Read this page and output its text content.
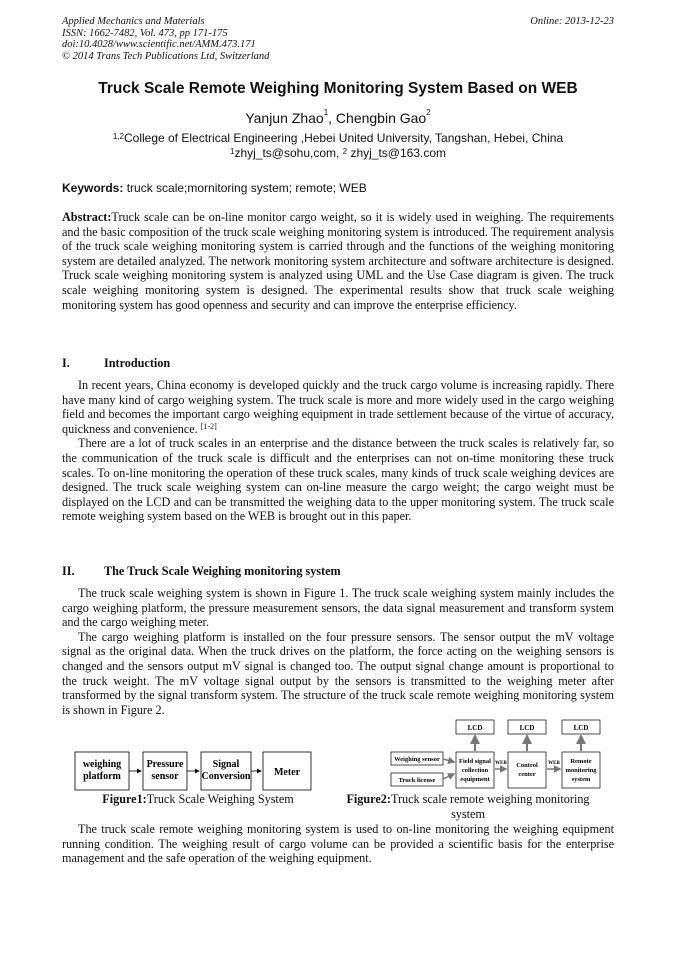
Applied Mechanics and Materials
ISSN: 1662-7482, Vol. 473, pp 171-175
doi:10.4028/www.scientific.net/AMM.473.171
© 2014 Trans Tech Publications Ltd, Switzerland
Online: 2013-12-23
Truck Scale Remote Weighing Monitoring System Based on WEB
Yanjun Zhao$^1$, Chengbin Gao$^2$
$^{1,2}$College of Electrical Engineering ,Hebei United University, Tangshan, Hebei, China
$^1$zhyj_ts@sohu,com, $^2$ zhyj_ts@163.com
Keywords: truck scale;mornitoring system; remote; WEB

Abstract:Truck scale can be on-line monitor cargo weight, so it is widely used in weighing. The requirements and the basic composition of the truck scale weighing monitoring system is introduced. The requirement analysis of the truck scale weighing monitoring system is carried through and the functions of the weighing monitoring system are detailed analyzed. The network monitoring system architecture and software architecture is designed. Truck scale weighing monitoring system is analyzed using UML and the Use Case diagram is given. The truck scale weighing monitoring system is designed. The experimental results show that truck scale weighing monitoring system has good openness and security and can improve the enterprise efficiency.

I.	Introduction

In recent years, China economy is developed quickly and the truck cargo volume is increasing rapidly. There have many kind of cargo weighing system. The truck scale is more and more widely used in the cargo weighing field and becomes the important cargo weighing equipment in trade settlement because of the virtue of accuracy, quickness and convenience. [1-2]

There are a lot of truck scales in an enterprise and the distance between the truck scales is relatively far, so the communication of the truck scale is difficult and the enterprises can not on-time monitoring these truck scales. To on-line monitoring the operation of these truck scales, many kinds of truck scale weighing devices are designed. The truck scale weighing system can on-line measure the cargo weight; the cargo weight must be displayed on the LCD and can be transmitted the weighing data to the upper monitoring system. The truck scale remote weighing system based on the WEB is brought out in this paper.

II. The Truck Scale Weighing monitoring system

The truck scale weighing system is shown in Figure 1. The truck scale weighing system mainly includes the cargo weighing platform, the pressure measurement sensors, the data signal measurement and transform system and the cargo weighing meter.

The cargo weighing platform is installed on the four pressure sensors. The sensor output the mV voltage signal as the original data. When the truck drives on the platform, the force acting on the weighing sensors is changed and the sensors output mV signal is changed too. The output signal change amount is proportional to the truck weight. The mV voltage signal output by the sensors is transmitted to the weighing meter after transformed by the signal transform system. The structure of the truck scale remote weighing monitoring system is shown in Figure 2.

weighing
platform
Pressure
sensor
Signal
Conversion Meter
LCD	LCD	LCD
Weighing sensor
Truck license
Field signal
collection
equipment
WEB Control
center
WEB Remote
monitoring
system
Figure1:Truck Scale Weighing System	Figure2:Truck scale remote weighing monitoring
system

The truck scale remote weighing monitoring system is used to on-line monitoring the weighing equipment running condition. The weighing result of cargo volume can be provided a scientific basis for the enterprise management and the safe operation of the weighing equipment.
